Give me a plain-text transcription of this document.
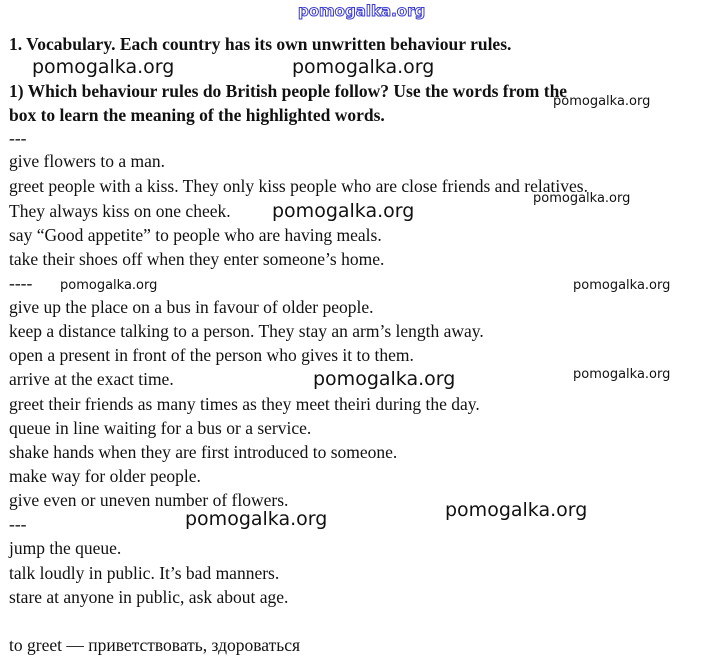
pomogalka.org
1. Vocabulary. Each country has its own unwritten behaviour rules.
1) Which behaviour rules do British people follow? Use the words from the
box to learn the meaning of the highlighted words.
---
give flowers to a man.
greet people with a kiss. They only kiss people who are close friends and relatives.
They always kiss on one cheek.
say “Good appetite” to people who are having meals.
take their shoes off when they enter someone’s home.
----
give up the place on a bus in favour of older people.
keep a distance talking to a person. They stay an arm’s length away.
open a present in front of the person who gives it to them.
arrive at the exact time.
greet their friends as many times as they meet theiri during the day.
queue in line waiting for a bus or a service.
shake hands when they are first introduced to someone.
make way for older people.
give even or uneven number of flowers.
---
jump the queue.
talk loudly in public. It’s bad manners.
stare at anyone in public, ask about age.
to greet — приветствовать, здороваться
pomogalka.org	pomogalka.org
pomogalka.org
pomogalka.org
pomogalka.org
pomogalka.org	pomogalka.org
pomogalka.org	pomogalka.org
pomogalka.org	pomogalka.org
